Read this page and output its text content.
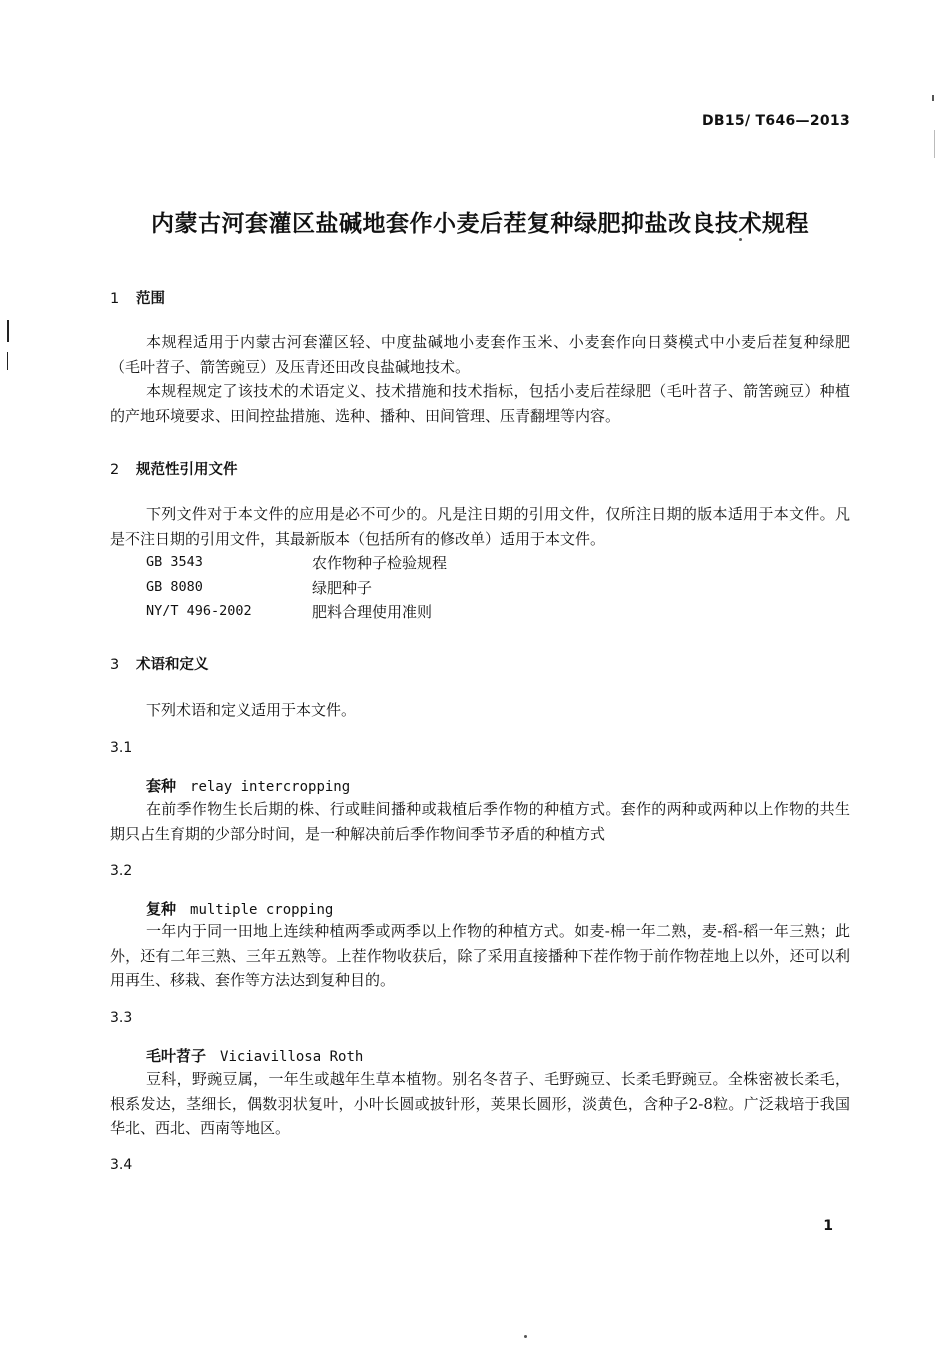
DB15/ T646—2013
内蒙古河套灌区盐碱地套作小麦后茬复种绿肥抑盐改良技术规程
1 范围
本规程适用于内蒙古河套灌区轻、中度盐碱地小麦套作玉米、小麦套作向日葵模式中小麦后茬复种绿肥（毛叶苕子、箭筈豌豆）及压青还田改良盐碱地技术。
本规程规定了该技术的术语定义、技术措施和技术指标，包括小麦后茬绿肥（毛叶苕子、箭筈豌豆）种植的产地环境要求、田间控盐措施、选种、播种、田间管理、压青翻埋等内容。
2 规范性引用文件
下列文件对于本文件的应用是必不可少的。凡是注日期的引用文件，仅所注日期的版本适用于本文件。凡是不注日期的引用文件，其最新版本（包括所有的修改单）适用于本文件。
GB 3543	农作物种子检验规程
GB 8080	绿肥种子
NY/T 496-2002	肥料合理使用准则
3 术语和定义
下列术语和定义适用于本文件。
3.1
套种 relay intercropping
在前季作物生长后期的株、行或畦间播种或栽植后季作物的种植方式。套作的两种或两种以上作物的共生期只占生育期的少部分时间，是一种解决前后季作物间季节矛盾的种植方式
3.2
复种 multiple cropping
一年内于同一田地上连续种植两季或两季以上作物的种植方式。如麦-棉一年二熟，麦-稻-稻一年三熟；此外，还有二年三熟、三年五熟等。上茬作物收获后，除了采用直接播种下茬作物于前作物茬地上以外，还可以利用再生、移栽、套作等方法达到复种目的。
3.3
毛叶苕子 Viciavillosa Roth
豆科，野豌豆属，一年生或越年生草本植物。别名冬苕子、毛野豌豆、长柔毛野豌豆。全株密被长柔毛，根系发达，茎细长，偶数羽状复叶，小叶长圆或披针形，荚果长圆形，淡黄色，含种子2-8粒。广泛栽培于我国华北、西北、西南等地区。
3.4
1
